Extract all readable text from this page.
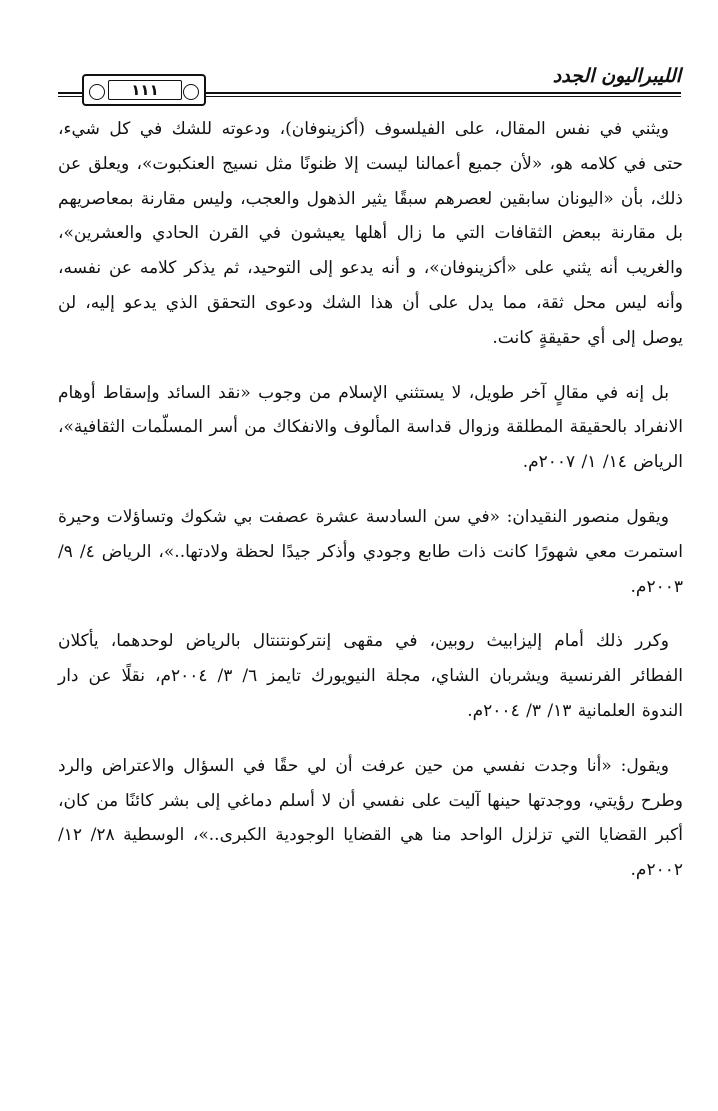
الليبراليون الجدد
١١١

ويثني في نفس المقال، على الفيلسوف (أكزينوفان)، ودعوته للشك في كل شيء، حتى في كلامه هو، «لأن جميع أعمالنا ليست إلا ظنونًا مثل نسيج العنكبوت»، ويعلق عن ذلك، بأن «اليونان سابقين لعصرهم سبقًا يثير الذهول والعجب، وليس مقارنة بمعاصريهم بل مقارنة ببعض الثقافات التي ما زال أهلها يعيشون في القرن الحادي والعشرين»، والغريب أنه يثني على «أكزينوفان»، و أنه يدعو إلى التوحيد، ثم يذكر كلامه عن نفسه، وأنه ليس محل ثقة، مما يدل على أن هذا الشك ودعوى التحقق الذي يدعو إليه، لن يوصل إلى أي حقيقةٍ كانت.

بل إنه في مقالٍ آخر طويل، لا يستثني الإسلام من وجوب «نقد السائد وإسقاط أوهام الانفراد بالحقيقة المطلقة وزوال قداسة المألوف والانفكاك من أسر المسلّمات الثقافية»، الرياض ١٤/ ١/ ٢٠٠٧م.

ويقول منصور النقيدان: «في سن السادسة عشرة عصفت بي شكوك وتساؤلات وحيرة استمرت معي شهورًا كانت ذات طابع وجودي وأذكر جيدًا لحظة ولادتها..»، الرياض ٤/ ٩/ ٢٠٠٣م.

وكرر ذلك أمام إليزابيث روبين، في مقهى إنتركونتنتال بالرياض لوحدهما، يأكلان الفطائر الفرنسية ويشربان الشاي، مجلة النيويورك تايمز ٦/ ٣/ ٢٠٠٤م، نقلًا عن دار الندوة العلمانية ١٣/ ٣/ ٢٠٠٤م.

ويقول: «أنا وجدت نفسي من حين عرفت أن لي حقًا في السؤال والاعتراض والرد وطرح رؤيتي، ووجدتها حينها آليت على نفسي أن لا أسلم دماغي إلى بشر كائنًا من كان، أكبر القضايا التي تزلزل الواحد منا هي القضايا الوجودية الكبرى..»، الوسطية ٢٨/ ١٢/ ٢٠٠٢م.
